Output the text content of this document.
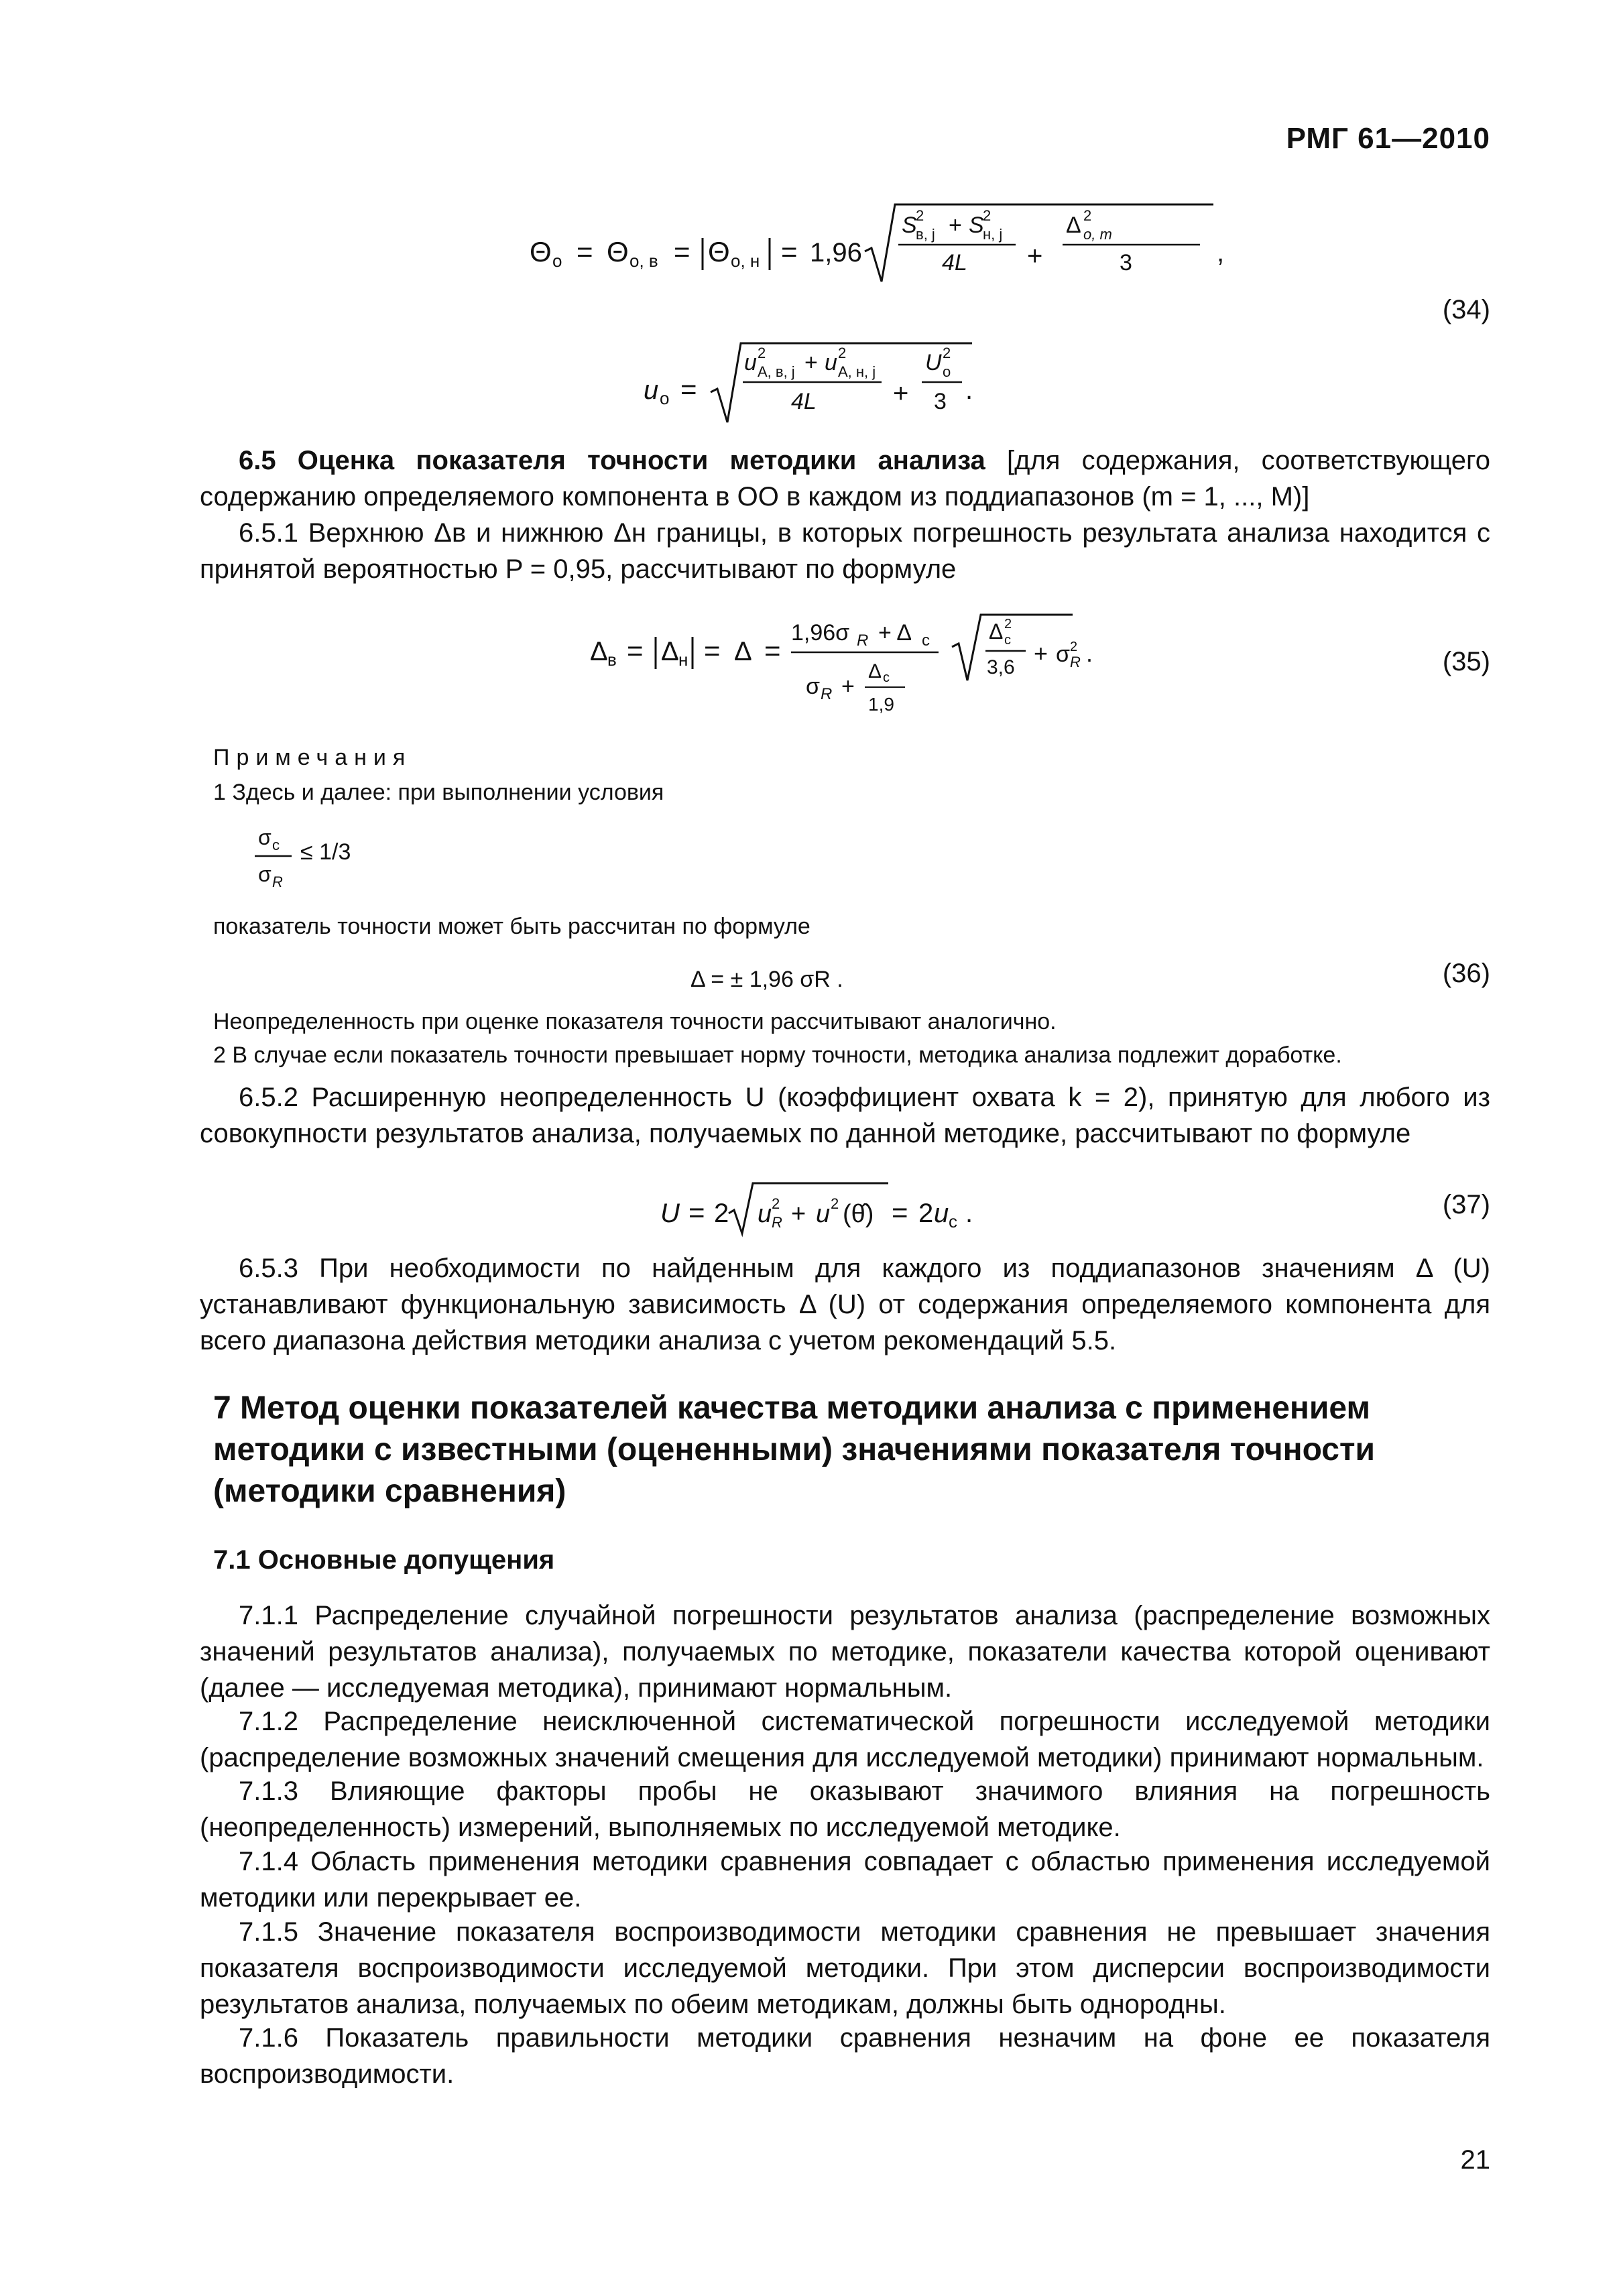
РМГ 61—2010
Θ о = Θ о, в = Θ о, н = 1,96
S
2
в, j + S
2
н, j
4L +
Δ 2
о, m
3	,
(34)
u о =
u 2
А, в, j + u 2
А, н, j
4L	+
U 2
о
3 .
6.5 Оценка показателя точности методики анализа [для содержания, соответствующего содержанию определяемого компонента в ОО в каждом из поддиапазонов (m = 1, ..., M)]
6.5.1 Верхнюю Δв и нижнюю Δн границы, в которых погрешность результата анализа находится с принятой вероятностью P = 0,95, рассчитывают по формуле
Δ в = Δ н = Δ =
1,96σ R + Δ с
σ R +
Δ с
1,9
Δ 2
с
3,6
+ σ 2
R .	(35)
Примечания
1 Здесь и далее: при выполнении условия
σ с
σ R
≤ 1/3
показатель точности может быть рассчитан по формуле
Δ = ± 1,96 σR .	(36)
Неопределенность при оценке показателя точности рассчитывают аналогично.
2 В случае если показатель точности превышает норму точности, методика анализа подлежит доработке.
6.5.2 Расширенную неопределенность U (коэффициент охвата k = 2), принятую для любого из совокупности результатов анализа, получаемых по данной методике, рассчитывают по формуле
U = 2 u 2
R + u 2 (θ̂) = 2 u с .	(37)
6.5.3 При необходимости по найденным для каждого из поддиапазонов значениям Δ (U) устанавливают функциональную зависимость Δ (U) от содержания определяемого компонента для всего диапазона действия методики анализа с учетом рекомендаций 5.5.
7 Метод оценки показателей качества методики анализа с применением методики с известными (оцененными) значениями показателя точности (методики сравнения)
7.1 Основные допущения
7.1.1 Распределение случайной погрешности результатов анализа (распределение возможных значений результатов анализа), получаемых по методике, показатели качества которой оценивают (далее — исследуемая методика), принимают нормальным.
7.1.2 Распределение неисключенной систематической погрешности исследуемой методики (распределение возможных значений смещения для исследуемой методики) принимают нормальным.
7.1.3 Влияющие факторы пробы не оказывают значимого влияния на погрешность (неопределенность) измерений, выполняемых по исследуемой методике.
7.1.4 Область применения методики сравнения совпадает с областью применения исследуемой методики или перекрывает ее.
7.1.5 Значение показателя воспроизводимости методики сравнения не превышает значения показателя воспроизводимости исследуемой методики. При этом дисперсии воспроизводимости результатов анализа, получаемых по обеим методикам, должны быть однородны.
7.1.6 Показатель правильности методики сравнения незначим на фоне ее показателя воспроизводимости.
21
